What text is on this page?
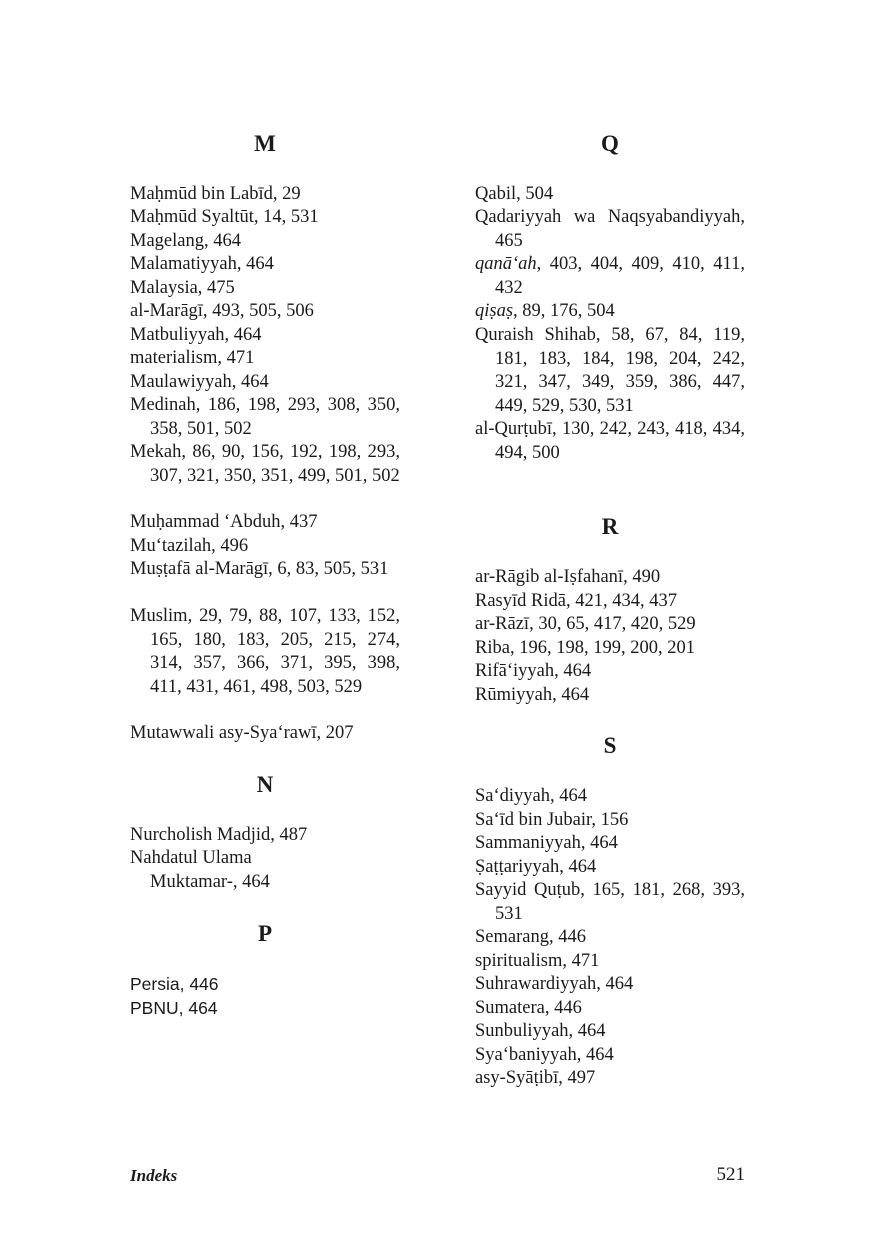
M
Maḥmūd bin Labīd, 29
Maḥmūd Syaltūt, 14, 531
Magelang, 464
Malamatiyyah, 464
Malaysia, 475
al-Marāgī, 493, 505, 506
Matbuliyyah, 464
materialism, 471
Maulawiyyah, 464
Medinah, 186, 198, 293, 308, 350, 358, 501, 502
Mekah, 86, 90, 156, 192, 198, 293, 307, 321, 350, 351, 499, 501, 502
Muḥammad ‘Abduh, 437
Mu‘tazilah, 496
Muṣṭafā al-Marāgī, 6, 83, 505, 531
Muslim, 29, 79, 88, 107, 133, 152, 165, 180, 183, 205, 215, 274, 314, 357, 366, 371, 395, 398, 411, 431, 461, 498, 503, 529
Mutawwali asy-Sya‘rawī, 207
N
Nurcholish Madjid, 487
Nahdatul Ulama
Muktamar-, 464
P
Persia, 446
PBNU, 464
Q
Qabil, 504
Qadariyyah wa Naqsyabandiyyah, 465
qanā‘ah, 403, 404, 409, 410, 411, 432
qiṣaṣ, 89, 176, 504
Quraish Shihab, 58, 67, 84, 119, 181, 183, 184, 198, 204, 242, 321, 347, 349, 359, 386, 447, 449, 529, 530, 531
al-Qurṭubī, 130, 242, 243, 418, 434, 494, 500
R
ar-Rāgib al-Iṣfahanī, 490
Rasyīd Ridā, 421, 434, 437
ar-Rāzī, 30, 65, 417, 420, 529
Riba, 196, 198, 199, 200, 201
Rifā‘iyyah, 464
Rūmiyyah, 464
S
Sa‘diyyah, 464
Sa‘īd bin Jubair, 156
Sammaniyyah, 464
Ṣaṭṭariyyah, 464
Sayyid Quṭub, 165, 181, 268, 393, 531
Semarang, 446
spiritualism, 471
Suhrawardiyyah, 464
Sumatera, 446
Sunbuliyyah, 464
Sya‘baniyyah, 464
asy-Syāṭibī, 497
Indeks	521
